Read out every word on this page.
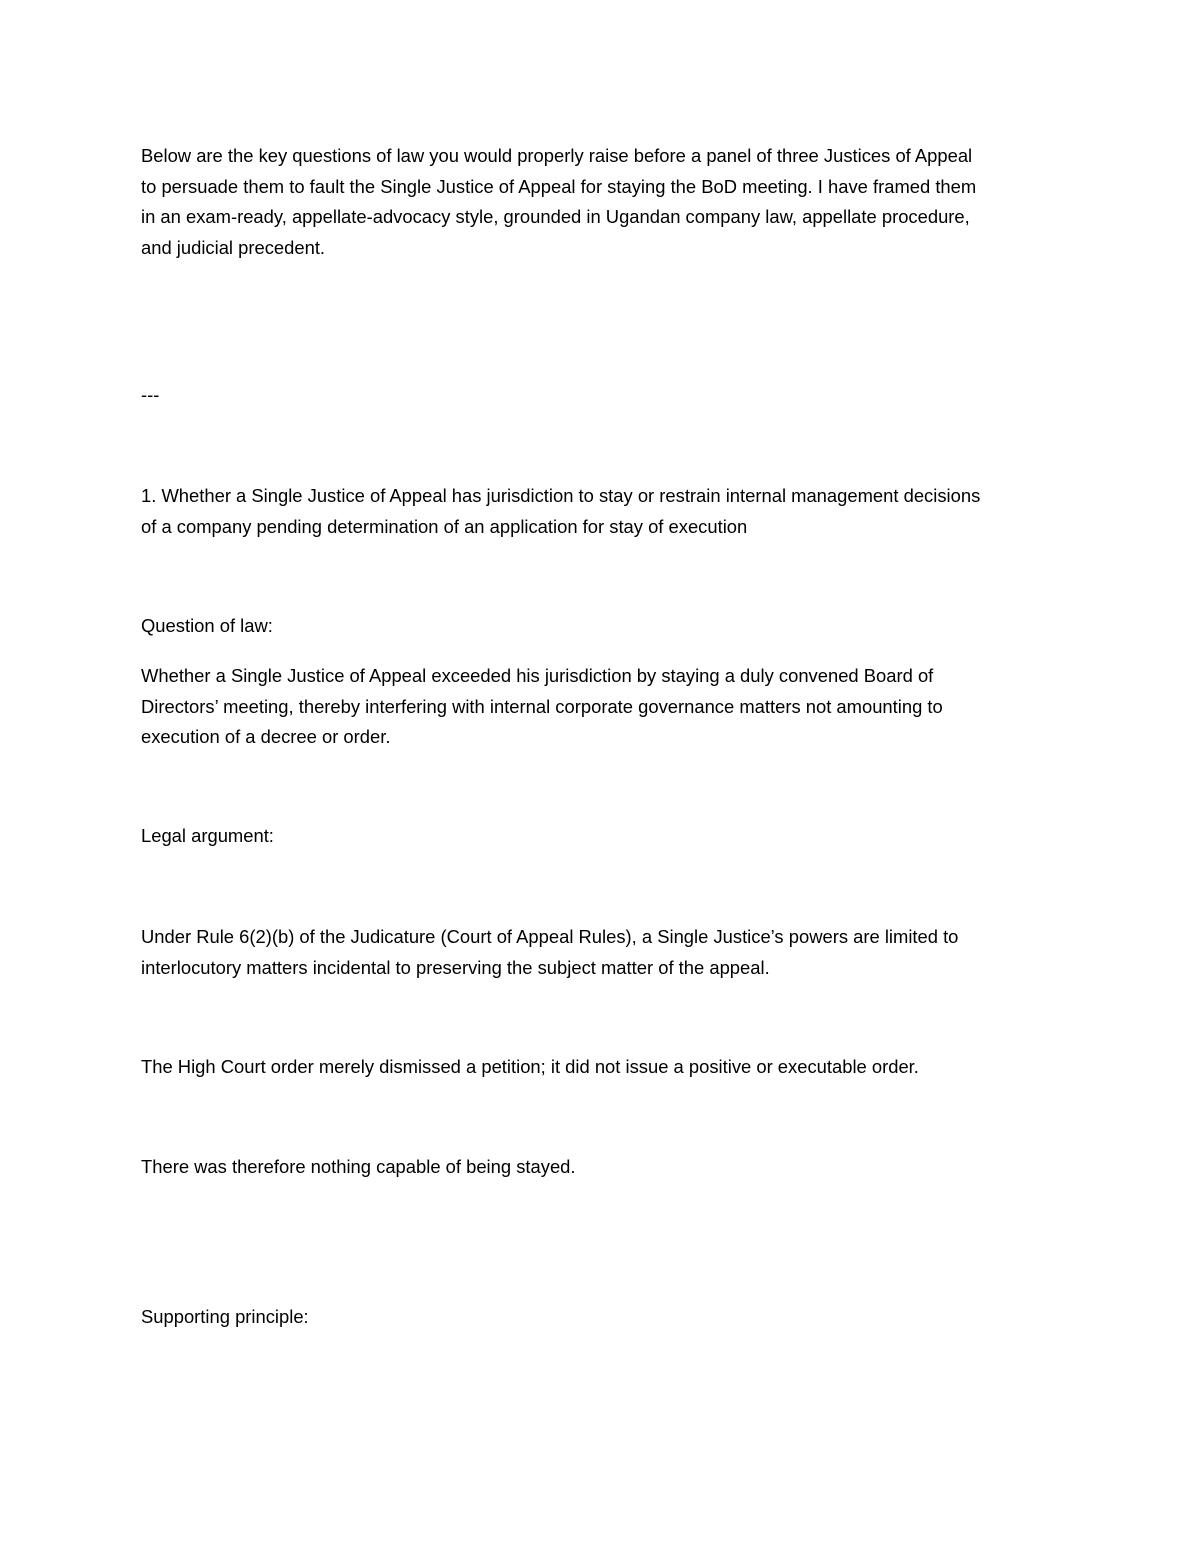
Below are the key questions of law you would properly raise before a panel of three Justices of Appeal
to persuade them to fault the Single Justice of Appeal for staying the BoD meeting. I have framed them
in an exam-ready, appellate-advocacy style, grounded in Ugandan company law, appellate procedure,
and judicial precedent.

---

1. Whether a Single Justice of Appeal has jurisdiction to stay or restrain internal management decisions
of a company pending determination of an application for stay of execution

Question of law:

Whether a Single Justice of Appeal exceeded his jurisdiction by staying a duly convened Board of
Directors’ meeting, thereby interfering with internal corporate governance matters not amounting to
execution of a decree or order.

Legal argument:

Under Rule 6(2)(b) of the Judicature (Court of Appeal Rules), a Single Justice’s powers are limited to
interlocutory matters incidental to preserving the subject matter of the appeal.

The High Court order merely dismissed a petition; it did not issue a positive or executable order.

There was therefore nothing capable of being stayed.

Supporting principle:
